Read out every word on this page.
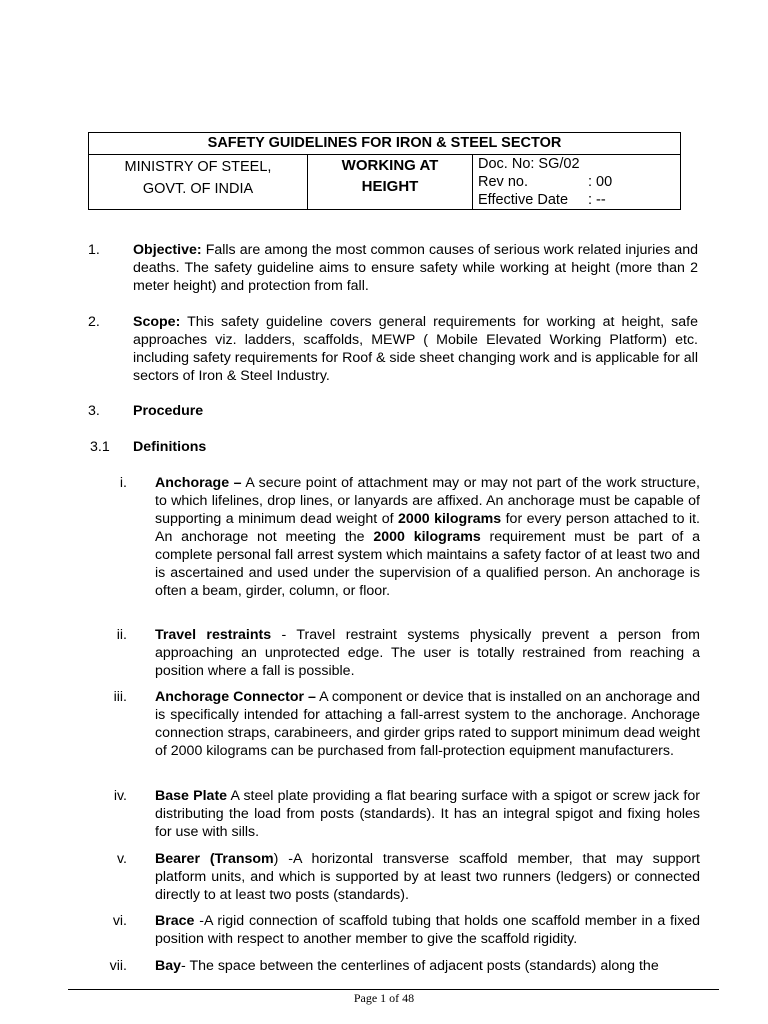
SAFETY GUIDELINES FOR IRON & STEEL SECTOR

MINISTRY OF STEEL,
GOVT. OF INDIA

WORKING AT
HEIGHT

Doc. No: SG/02
Rev no.	: 00
Effective Date	: --
1. Objective: Falls are among the most common causes of serious work related injuries and deaths. The safety guideline aims to ensure safety while working at height (more than 2 meter height) and protection from fall.
2. Scope: This safety guideline covers general requirements for working at height, safe approaches viz. ladders, scaffolds, MEWP ( Mobile Elevated Working Platform) etc. including safety requirements for Roof & side sheet changing work and is applicable for all sectors of Iron & Steel Industry.
3. Procedure
3.1 Definitions
i. Anchorage – A secure point of attachment may or may not part of the work structure, to which lifelines, drop lines, or lanyards are affixed. An anchorage must be capable of supporting a minimum dead weight of 2000 kilograms for every person attached to it. An anchorage not meeting the 2000 kilograms requirement must be part of a complete personal fall arrest system which maintains a safety factor of at least two and is ascertained and used under the supervision of a qualified person. An anchorage is often a beam, girder, column, or floor.
ii. Travel restraints - Travel restraint systems physically prevent a person from approaching an unprotected edge. The user is totally restrained from reaching a position where a fall is possible.
iii. Anchorage Connector – A component or device that is installed on an anchorage and is specifically intended for attaching a fall-arrest system to the anchorage. Anchorage connection straps, carabineers, and girder grips rated to support minimum dead weight of 2000 kilograms can be purchased from fall-protection equipment manufacturers.
iv. Base Plate A steel plate providing a flat bearing surface with a spigot or screw jack for distributing the load from posts (standards). It has an integral spigot and fixing holes for use with sills.
v. Bearer (Transom) -A horizontal transverse scaffold member, that may support platform units, and which is supported by at least two runners (ledgers) or connected directly to at least two posts (standards).
vi. Brace -A rigid connection of scaffold tubing that holds one scaffold member in a fixed position with respect to another member to give the scaffold rigidity.
vii. Bay- The space between the centerlines of adjacent posts (standards) along the
Page 1 of 48
